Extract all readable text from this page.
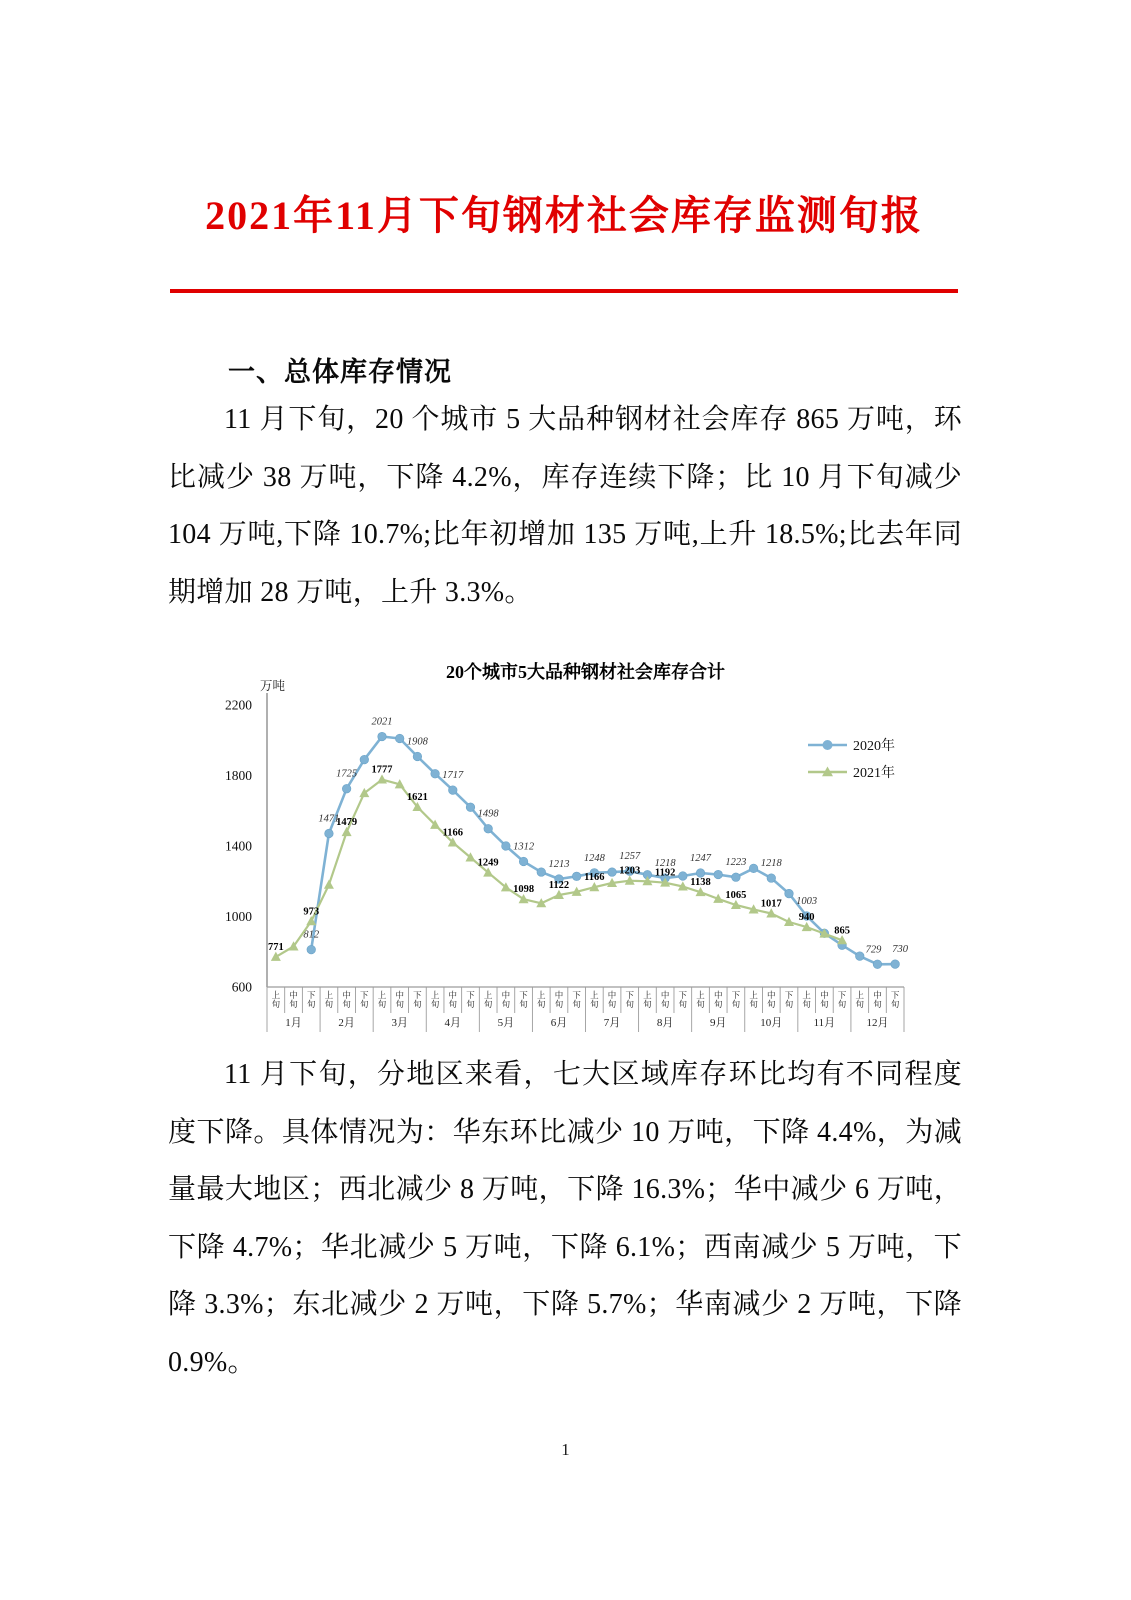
2021年11月下旬钢材社会库存监测旬报
一、总体库存情况

11 月下旬，20 个城市 5 大品种钢材社会库存 865 万吨，环比减少 38 万吨，下降 4.2%，库存连续下降；比 10 月下旬减少 104 万吨,下降 10.7%;比年初增加 135 万吨,上升 18.5%;比去年同期增加 28 万吨，上升 3.3%。

20个城市5大品种钢材社会库存合计
万吨
600
1000
1400
1800
2200
上旬
中旬
下旬
上旬
中旬
下旬
上旬
中旬
下旬
上旬
中旬
下旬
上旬
中旬
下旬
上旬
中旬
下旬
上旬
中旬
下旬
上旬
中旬
下旬
上旬
中旬
下旬
上旬
中旬
下旬
上旬
中旬
下旬
上旬
中旬
下旬
1月	2月	3月	4月	5月	6月	7月	8月	9月	10月	11月	12月
2020年
2021年
812
1471
1725
2021
1908
1717
1498
1312
1213
1248 1257
1218 1247 1223 1218
1003
729 730
771
973
1479
1777
1621
1166
1249
1098 1122
1166
1203 1192
1138
1065
1017
940
865

11 月下旬，分地区来看，七大区域库存环比均有不同程度度下降。具体情况为：华东环比减少 10 万吨，下降 4.4%，为减量最大地区；西北减少 8 万吨，下降 16.3%；华中减少 6 万吨，下降 4.7%；华北减少 5 万吨，下降 6.1%；西南减少 5 万吨，下降 3.3%；东北减少 2 万吨，下降 5.7%；华南减少 2 万吨，下降 0.9%。

1
